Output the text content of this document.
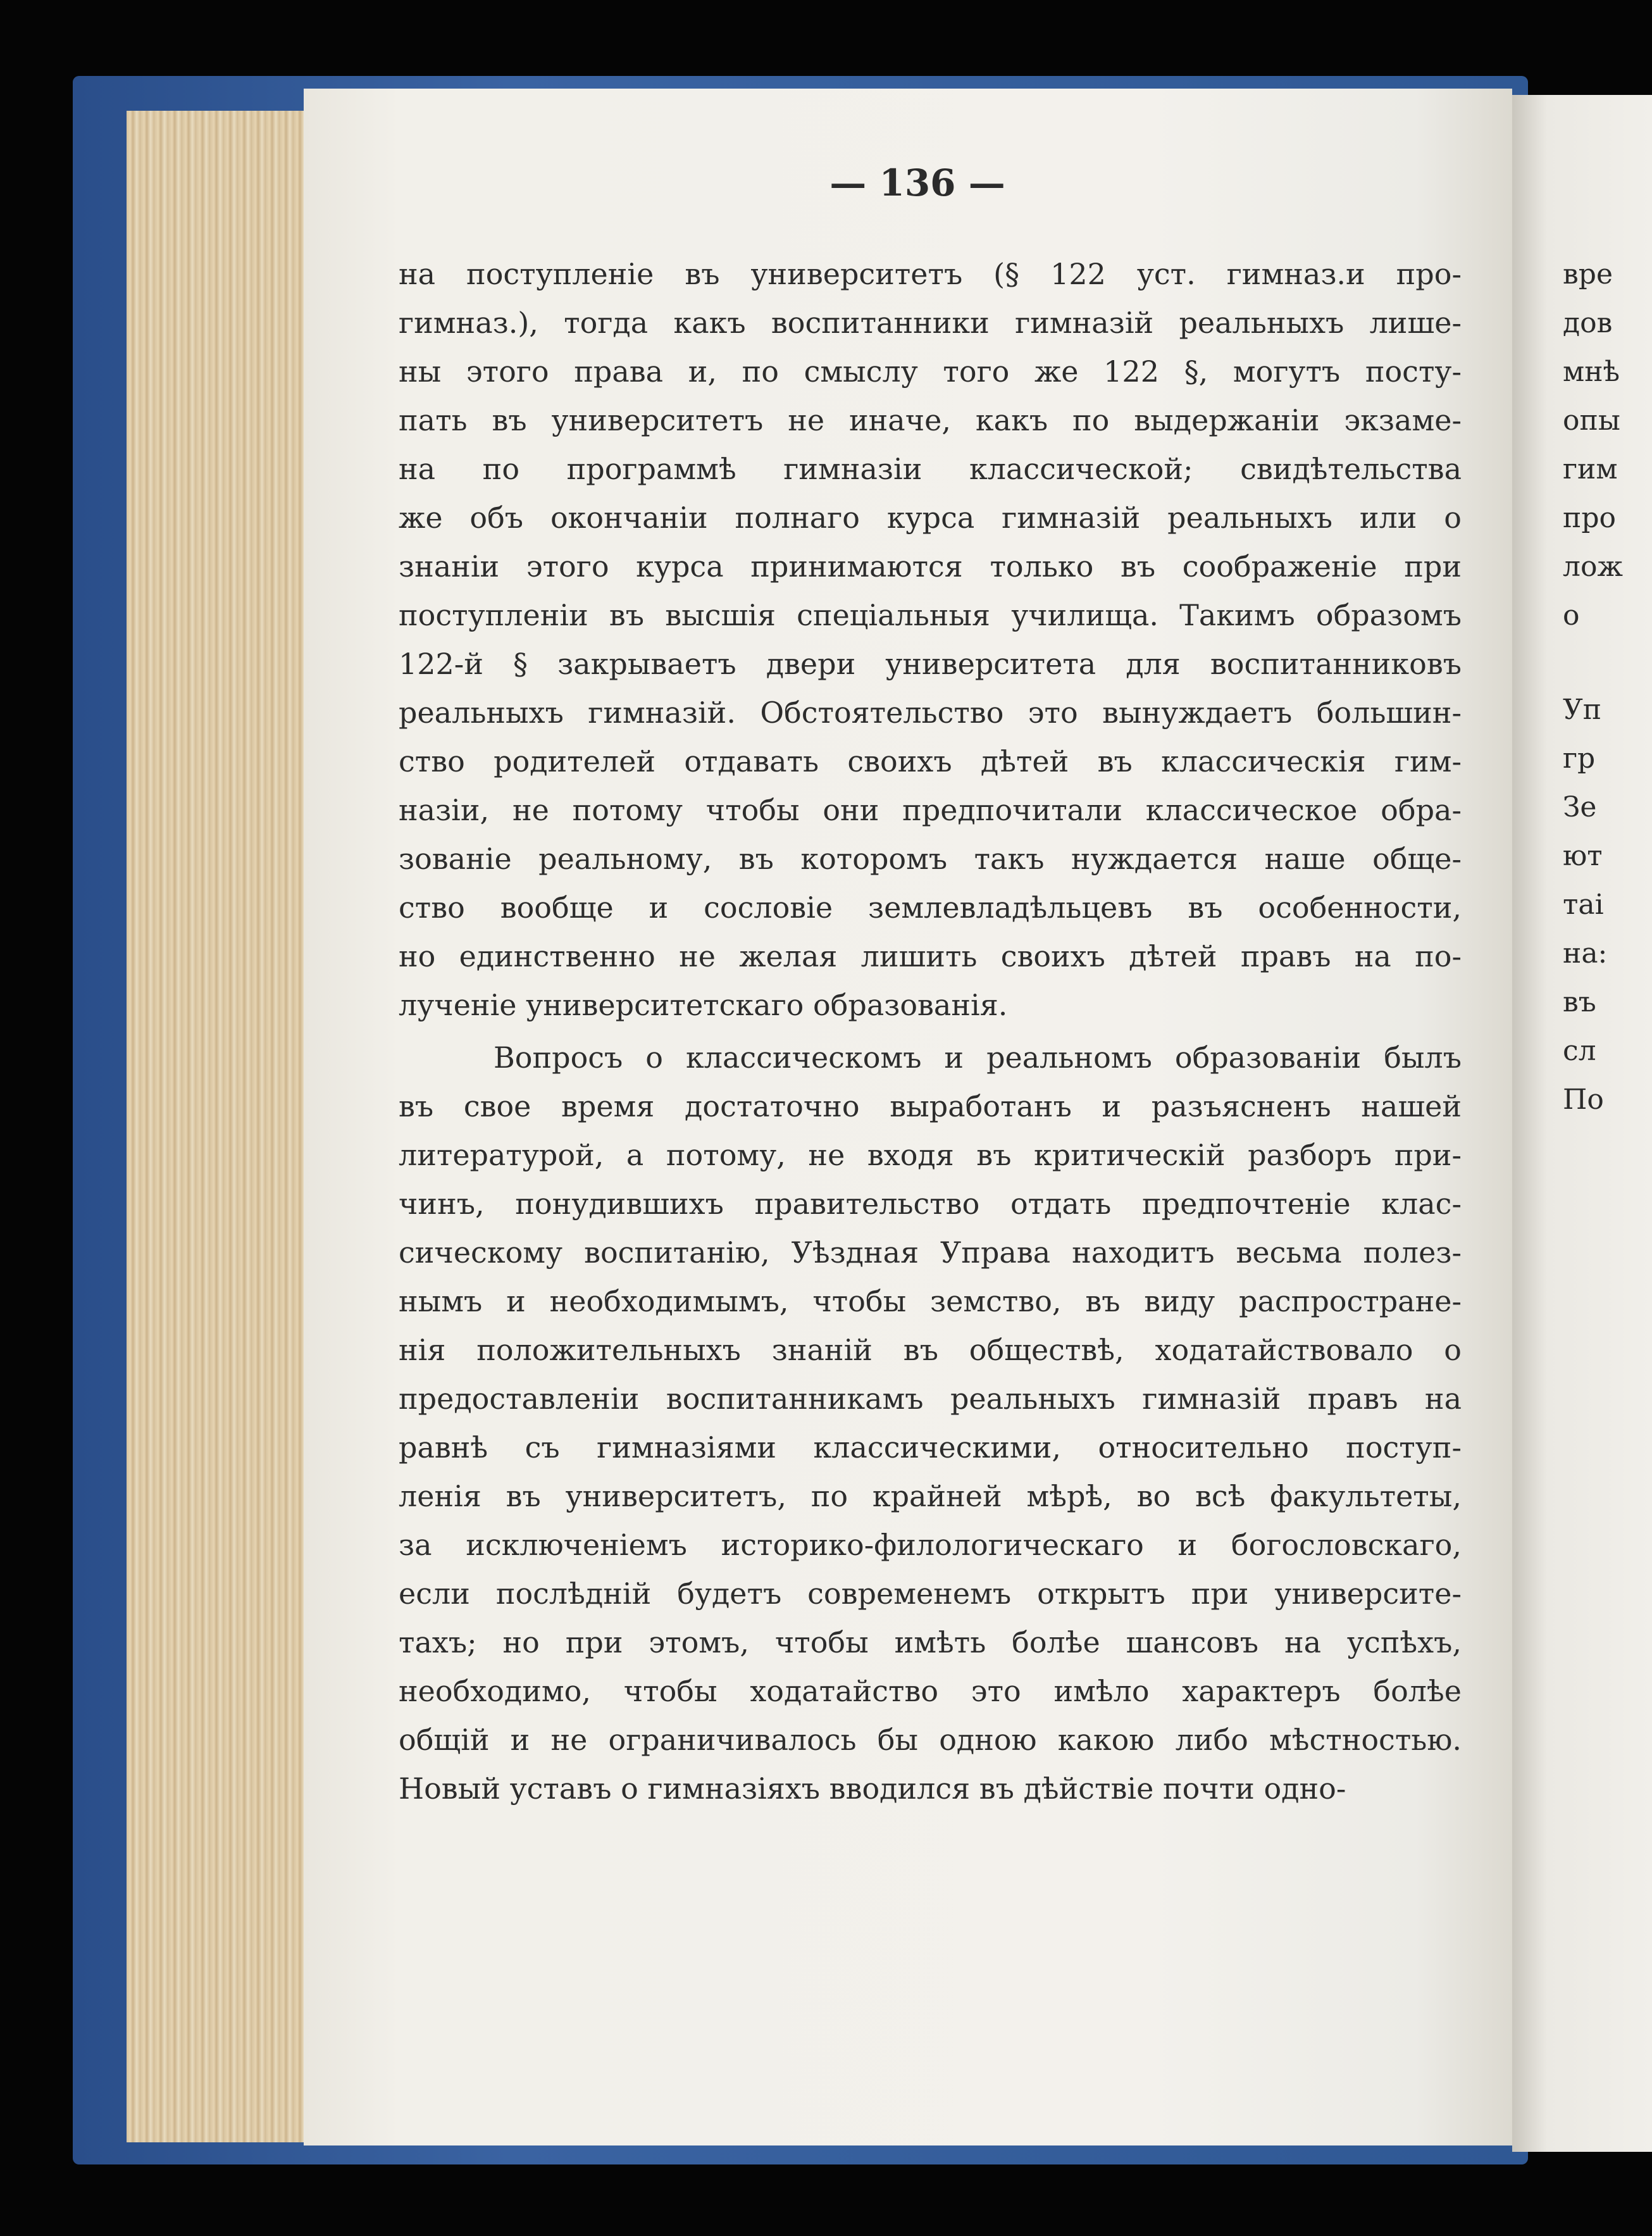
— 136 —
на поступленіе въ университетъ (§ 122 уст. гимназ.и про-
гимназ.), тогда какъ воспитанники гимназій реальныхъ лише-
ны этого права и, по смыслу того же 122 §, могутъ посту-
пать въ университетъ не иначе, какъ по выдержаніи экзаме-
на по программѣ гимназіи классической; свидѣтельства
же объ окончаніи полнаго курса гимназій реальныхъ или о
знаніи этого курса принимаются только въ соображеніе при
поступленіи въ высшія спеціальныя училища. Такимъ образомъ
122-й § закрываетъ двери университета для воспитанниковъ
реальныхъ гимназій. Обстоятельство это вынуждаетъ большин-
ство родителей отдавать своихъ дѣтей въ классическія гим-
назіи, не потому чтобы они предпочитали классическое обра-
зованіе реальному, въ которомъ такъ нуждается наше обще-
ство вообще и сословіе землевладѣльцевъ въ особенности,
но единственно не желая лишить своихъ дѣтей правъ на по-
лученіе университетскаго образованія.
Вопросъ о классическомъ и реальномъ образованіи былъ
въ свое время достаточно выработанъ и разъясненъ нашей
литературой, а потому, не входя въ критическій разборъ при-
чинъ, понудившихъ правительство отдать предпочтеніе клас-
сическому воспитанію, Уѣздная Управа находитъ весьма полез-
нымъ и необходимымъ, чтобы земство, въ виду распростране-
нія положительныхъ знаній въ обществѣ, ходатайствовало о
предоставленіи воспитанникамъ реальныхъ гимназій правъ на
равнѣ съ гимназіями классическими, относительно поступ-
ленія въ университетъ, по крайней мѣрѣ, во всѣ факультеты,
за исключеніемъ историко-филологическаго и богословскаго,
если послѣдній будетъ современемъ открытъ при университе-
тахъ; но при этомъ, чтобы имѣть болѣе шансовъ на успѣхъ,
необходимо, чтобы ходатайство это имѣло характеръ болѣе
общій и не ограничивалось бы одною какою либо мѣстностью.
Новый уставъ о гимназіяхъ вводился въ дѣйствіе почти одно-
вре
дов
мнѣ
опы
гим
про
лож
о
Уп
гр
Зе
ют
таі
на:
въ
сл
По
